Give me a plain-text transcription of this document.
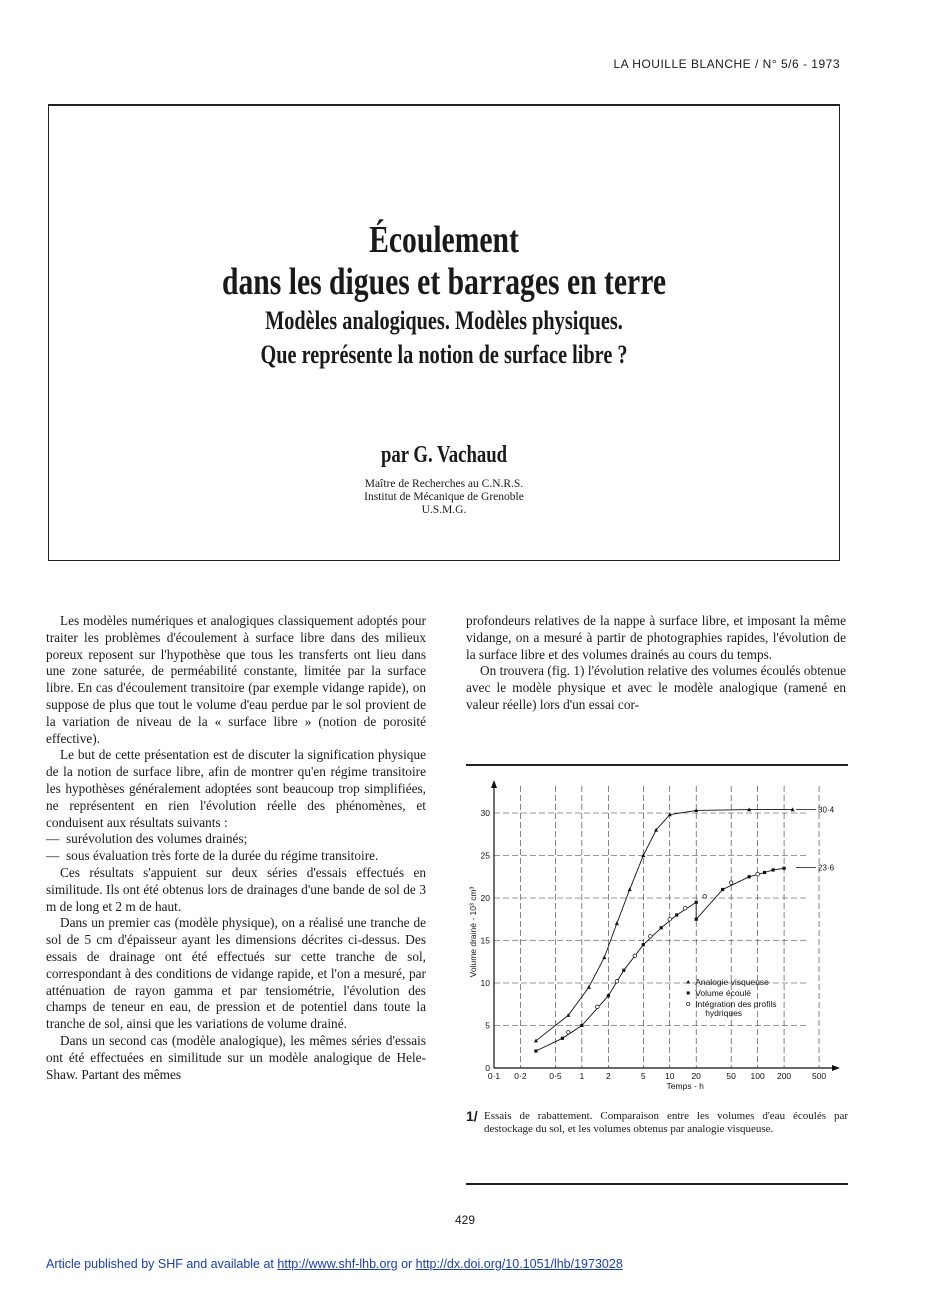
LA HOUILLE BLANCHE / N° 5/6 - 1973
Écoulement
dans les digues et barrages en terre
Modèles analogiques. Modèles physiques.
Que représente la notion de surface libre ?
par G. Vachaud
Maître de Recherches au C.N.R.S.
Institut de Mécanique de Grenoble
U.S.M.G.

Les modèles numériques et analogiques classiquement adoptés pour traiter les problèmes d'écoulement à surface libre dans des milieux poreux reposent sur l'hypothèse que tous les transferts ont lieu dans une zone saturée, de perméabilité constante, limitée par la surface libre. En cas d'écoulement transitoire (par exemple vidange rapide), on suppose de plus que tout le volume d'eau perdue par le sol provient de la variation de niveau de la « surface libre » (notion de porosité effective).

Le but de cette présentation est de discuter la signification physique de la notion de surface libre, afin de montrer qu'en régime transitoire les hypothèses généralement adoptées sont beaucoup trop simplifiées, ne représentent en rien l'évolution réelle des phénomènes, et conduisent aux résultats suivants :

— surévolution des volumes drainés;
— sous évaluation très forte de la durée du régime transitoire.

Ces résultats s'appuient sur deux séries d'essais effectués en similitude. Ils ont été obtenus lors de drainages d'une bande de sol de 3 m de long et 2 m de haut.

Dans un premier cas (modèle physique), on a réalisé une tranche de sol de 5 cm d'épaisseur ayant les dimensions décrites ci-dessus. Des essais de drainage ont été effectués sur cette tranche de sol, correspondant à des conditions de vidange rapide, et l'on a mesuré, par atténuation de rayon gamma et par tensiométrie, l'évolution des champs de teneur en eau, de pression et de potentiel dans toute la tranche de sol, ainsi que les variations de volume drainé.

Dans un second cas (modèle analogique), les mêmes séries d'essais ont été effectuées en similitude sur un modèle analogique de Hele-Shaw. Partant des mêmes

profondeurs relatives de la nappe à surface libre, et imposant la même vidange, on a mesuré à partir de photographies rapides, l'évolution de la surface libre et des volumes drainés au cours du temps.

On trouvera (fig. 1) l'évolution relative des volumes écoulés obtenue avec le modèle physique et avec le modèle analogique (ramené en valeur réelle) lors d'un essai cor-

0·1 0·2	0·5 1	2	5 10 20	50 100 200 500
0
5
10
15
20
25
30
Temps - h
Volume drainé - 10³ cm³
30·4
23·6
Analogie visqueuse
Volume écoulé
Intégration des profils
hydriques
1/ Essais de rabattement. Comparaison entre les volumes d'eau écoulés par destockage du sol, et les volumes obtenus par analogie visqueuse.
429
Article published by SHF and available at http://www.shf-lhb.org or http://dx.doi.org/10.1051/lhb/1973028
